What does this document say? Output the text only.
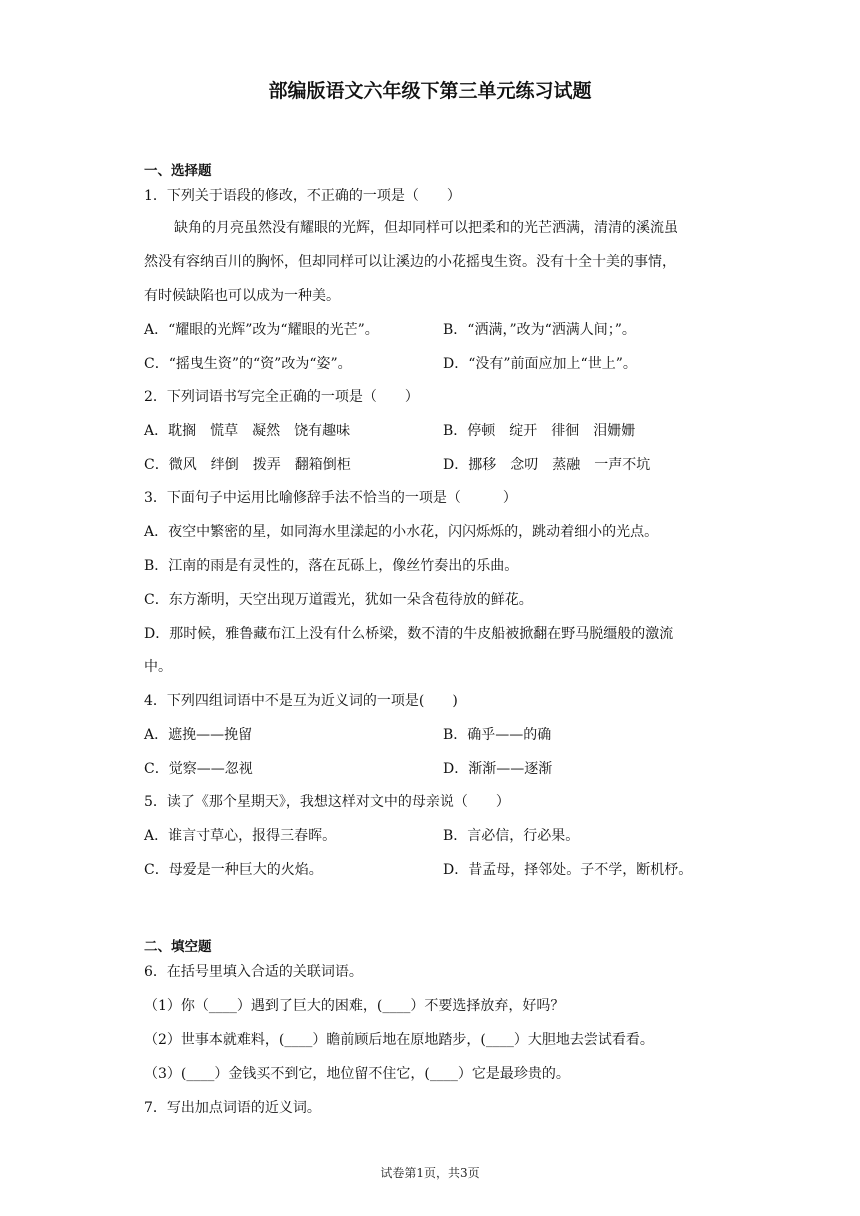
部编版语文六年级下第三单元练习试题
一、选择题
1．下列关于语段的修改，不正确的一项是（　　）
缺角的月亮虽然没有耀眼的光辉，但却同样可以把柔和的光芒洒满，清清的溪流虽
然没有容纳百川的胸怀，但却同样可以让溪边的小花摇曳生资。没有十全十美的事情，
有时候缺陷也可以成为一种美。
A．“耀眼的光辉”改为“耀眼的光芒”。	B．“洒满，”改为“洒满人间；”。
C．“摇曳生资”的“资”改为“姿”。	D．“没有”前面应加上“世上”。
2．下列词语书写完全正确的一项是（　　）
A．耽搁　慌草　凝然　饶有趣味	B．停顿　绽开　徘徊　泪姗姗
C．微风　绊倒　拨弄　翻箱倒柜	D．挪移　念叨　蒸融　一声不坑
3．下面句子中运用比喻修辞手法不恰当的一项是（　　　）
A．夜空中繁密的星，如同海水里漾起的小水花，闪闪烁烁的，跳动着细小的光点。
B．江南的雨是有灵性的，落在瓦砾上，像丝竹奏出的乐曲。
C．东方渐明，天空出现万道霞光，犹如一朵含苞待放的鲜花。
D．那时候，雅鲁藏布江上没有什么桥梁，数不清的牛皮船被掀翻在野马脱缰般的激流
中。
4．下列四组词语中不是互为近义词的一项是(　　)
A．遮挽——挽留	B．确乎——的确
C．觉察——忽视	D．渐渐——逐渐
5．读了《那个星期天》，我想这样对文中的母亲说（　　）
A．谁言寸草心，报得三春晖。	B．言必信，行必果。
C．母爱是一种巨大的火焰。	D．昔孟母，择邻处。子不学，断机杼。
二、填空题
6．在括号里填入合适的关联词语。
（1）你（____）遇到了巨大的困难，(____）不要选择放弃，好吗？
（2）世事本就难料，(____）瞻前顾后地在原地踏步，(____）大胆地去尝试看看。
（3）(____）金钱买不到它，地位留不住它，(____）它是最珍贵的。
7．写出加点词语的近义词。
试卷第1页，共3页
